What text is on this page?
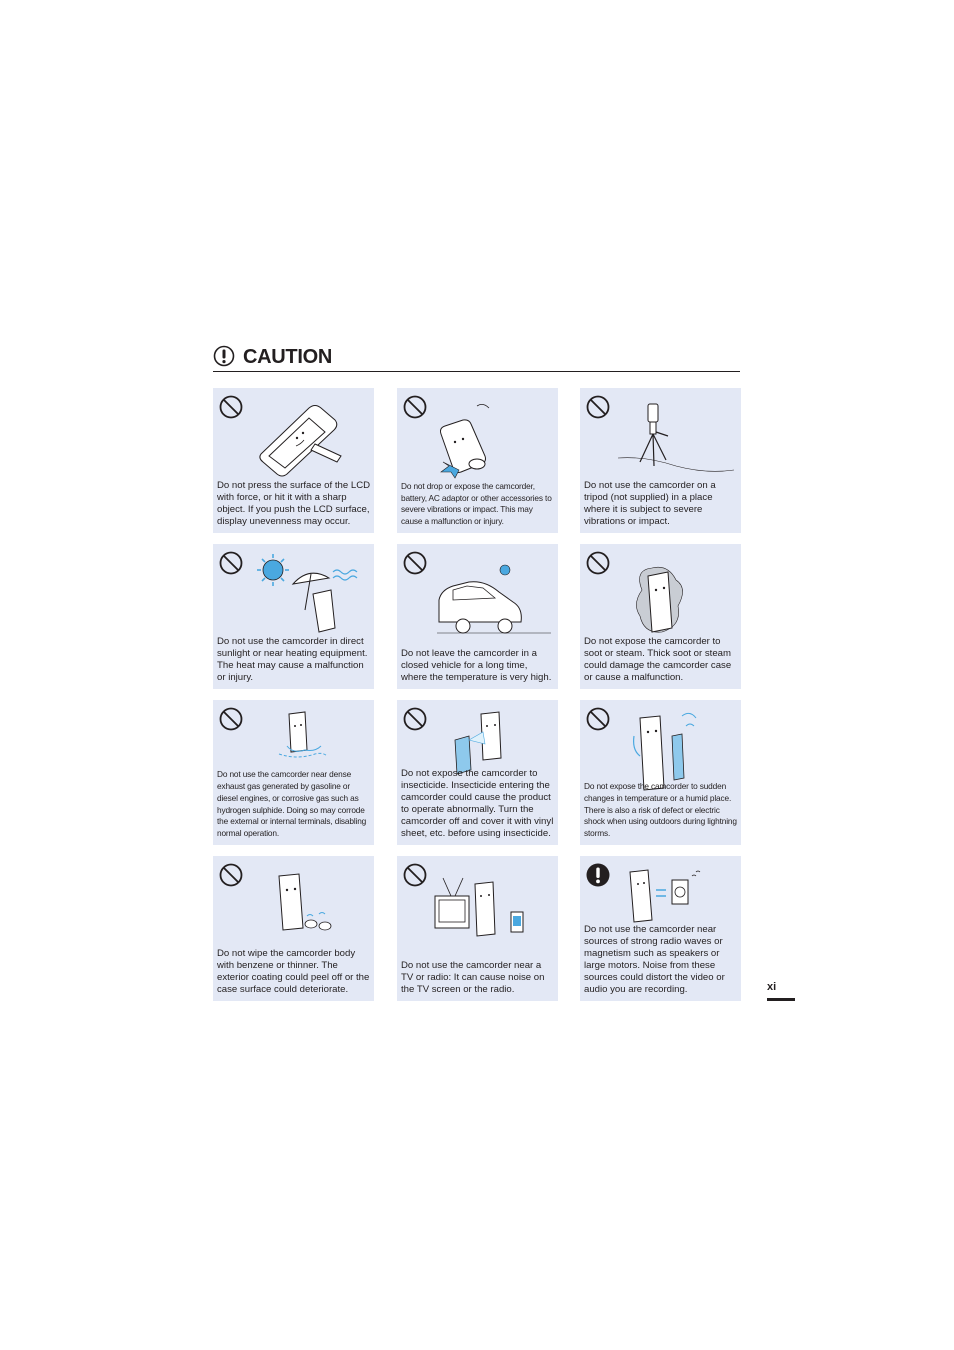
CAUTION

Do not press the surface of the LCD with force, or hit it with a sharp object. If you push the LCD surface, display unevenness may occur.

Do not drop or expose the camcorder, battery, AC adaptor or other accessories to severe vibrations or impact. This may cause a malfunction or injury.

Do not use the camcorder on a tripod (not supplied) in a place where it is subject to severe vibrations or impact.

Do not use the camcorder in direct sunlight or near heating equipment. The heat may cause a malfunction or injury.

Do not leave the camcorder in a closed vehicle for a long time, where the temperature is very high.

Do not expose the camcorder to soot or steam. Thick soot or steam could damage the camcorder case or cause a malfunction.

Do not use the camcorder near dense exhaust gas generated by gasoline or diesel engines, or corrosive gas such as hydrogen sulphide. Doing so may corrode the external or internal terminals, disabling normal operation.

Do not expose the camcorder to insecticide. Insecticide entering the camcorder could cause the product to operate abnormally. Turn the camcorder off and cover it with vinyl sheet, etc. before using insecticide.

Do not expose the camcorder to sudden changes in temperature or a humid place. There is also a risk of defect or electric shock when using outdoors during lightning storms.

Do not wipe the camcorder body with benzene or thinner. The exterior coating could peel off or the case surface could deteriorate.

Do not use the camcorder near a TV or radio: It can cause noise on the TV screen or the radio.

Do not use the camcorder near sources of strong radio waves or magnetism such as speakers or large motors. Noise from these sources could distort the video or audio you are recording.	xi
